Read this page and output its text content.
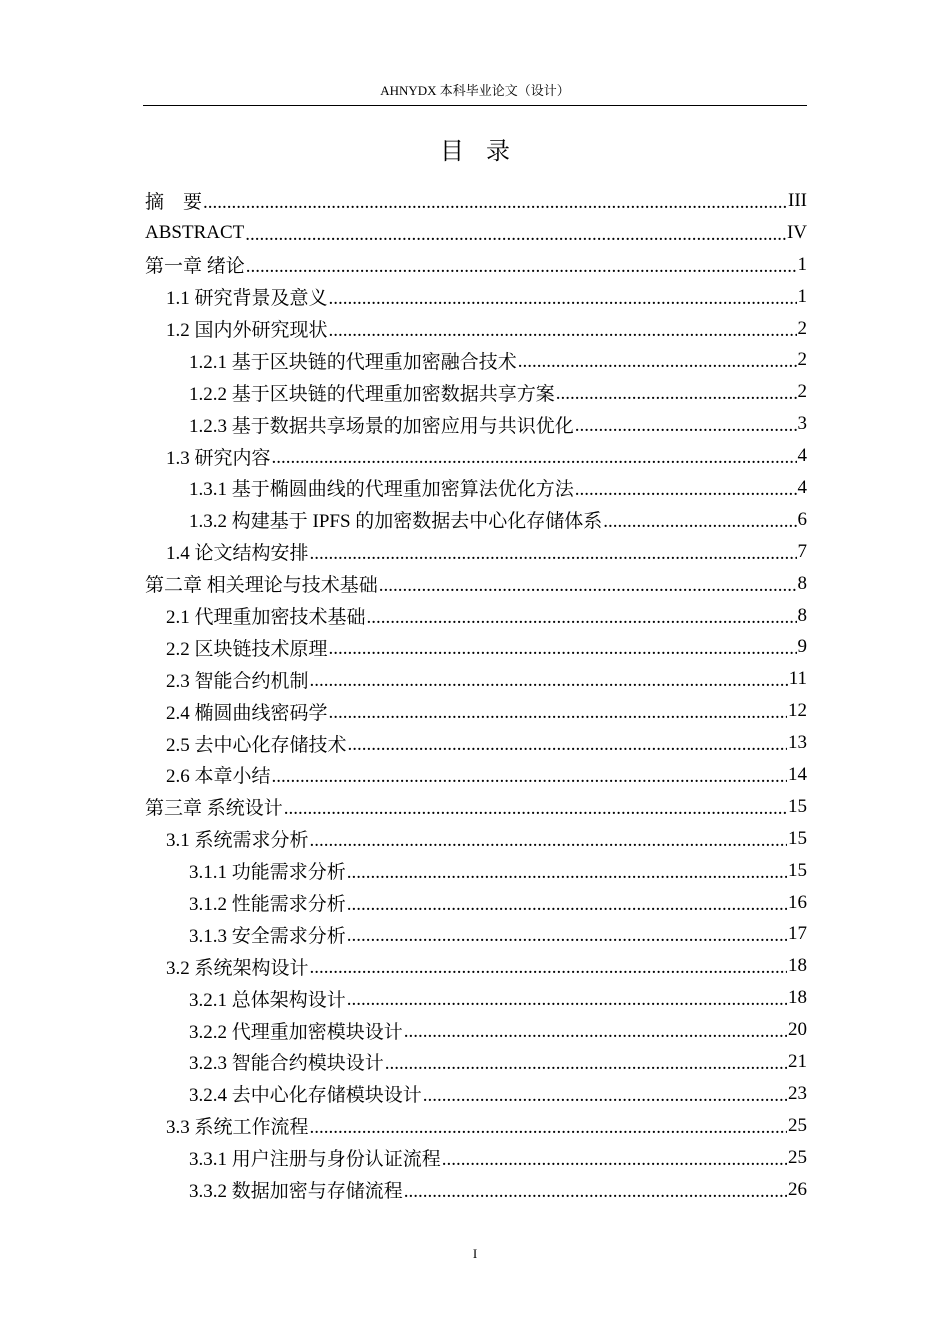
AHNYDX 本科毕业论文（设计）
目录
摘　要 .....	III
ABSTRACT .....	IV
第一章 绪论 .....	1
1.1 研究背景及意义 .....	1
1.2 国内外研究现状 .....	2
1.2.1 基于区块链的代理重加密融合技术 .....	2
1.2.2 基于区块链的代理重加密数据共享方案 .....	2
1.2.3 基于数据共享场景的加密应用与共识优化 .....	3
1.3 研究内容 .....	4
1.3.1 基于椭圆曲线的代理重加密算法优化方法 .....	4
1.3.2 构建基于 IPFS 的加密数据去中心化存储体系 .....	6
1.4 论文结构安排 .....	7
第二章 相关理论与技术基础 .....	8
2.1 代理重加密技术基础 .....	8
2.2 区块链技术原理 .....	9
2.3 智能合约机制 .....	11
2.4 椭圆曲线密码学 .....	12
2.5 去中心化存储技术 .....	13
2.6 本章小结 .....	14
第三章 系统设计 .....	15
3.1 系统需求分析 .....	15
3.1.1 功能需求分析 .....	15
3.1.2 性能需求分析 .....	16
3.1.3 安全需求分析 .....	17
3.2 系统架构设计 .....	18
3.2.1 总体架构设计 .....	18
3.2.2 代理重加密模块设计 .....	20
3.2.3 智能合约模块设计 .....	21
3.2.4 去中心化存储模块设计 .....	23
3.3 系统工作流程 .....	25
3.3.1 用户注册与身份认证流程 .....	25
3.3.2 数据加密与存储流程 .....	26
I
